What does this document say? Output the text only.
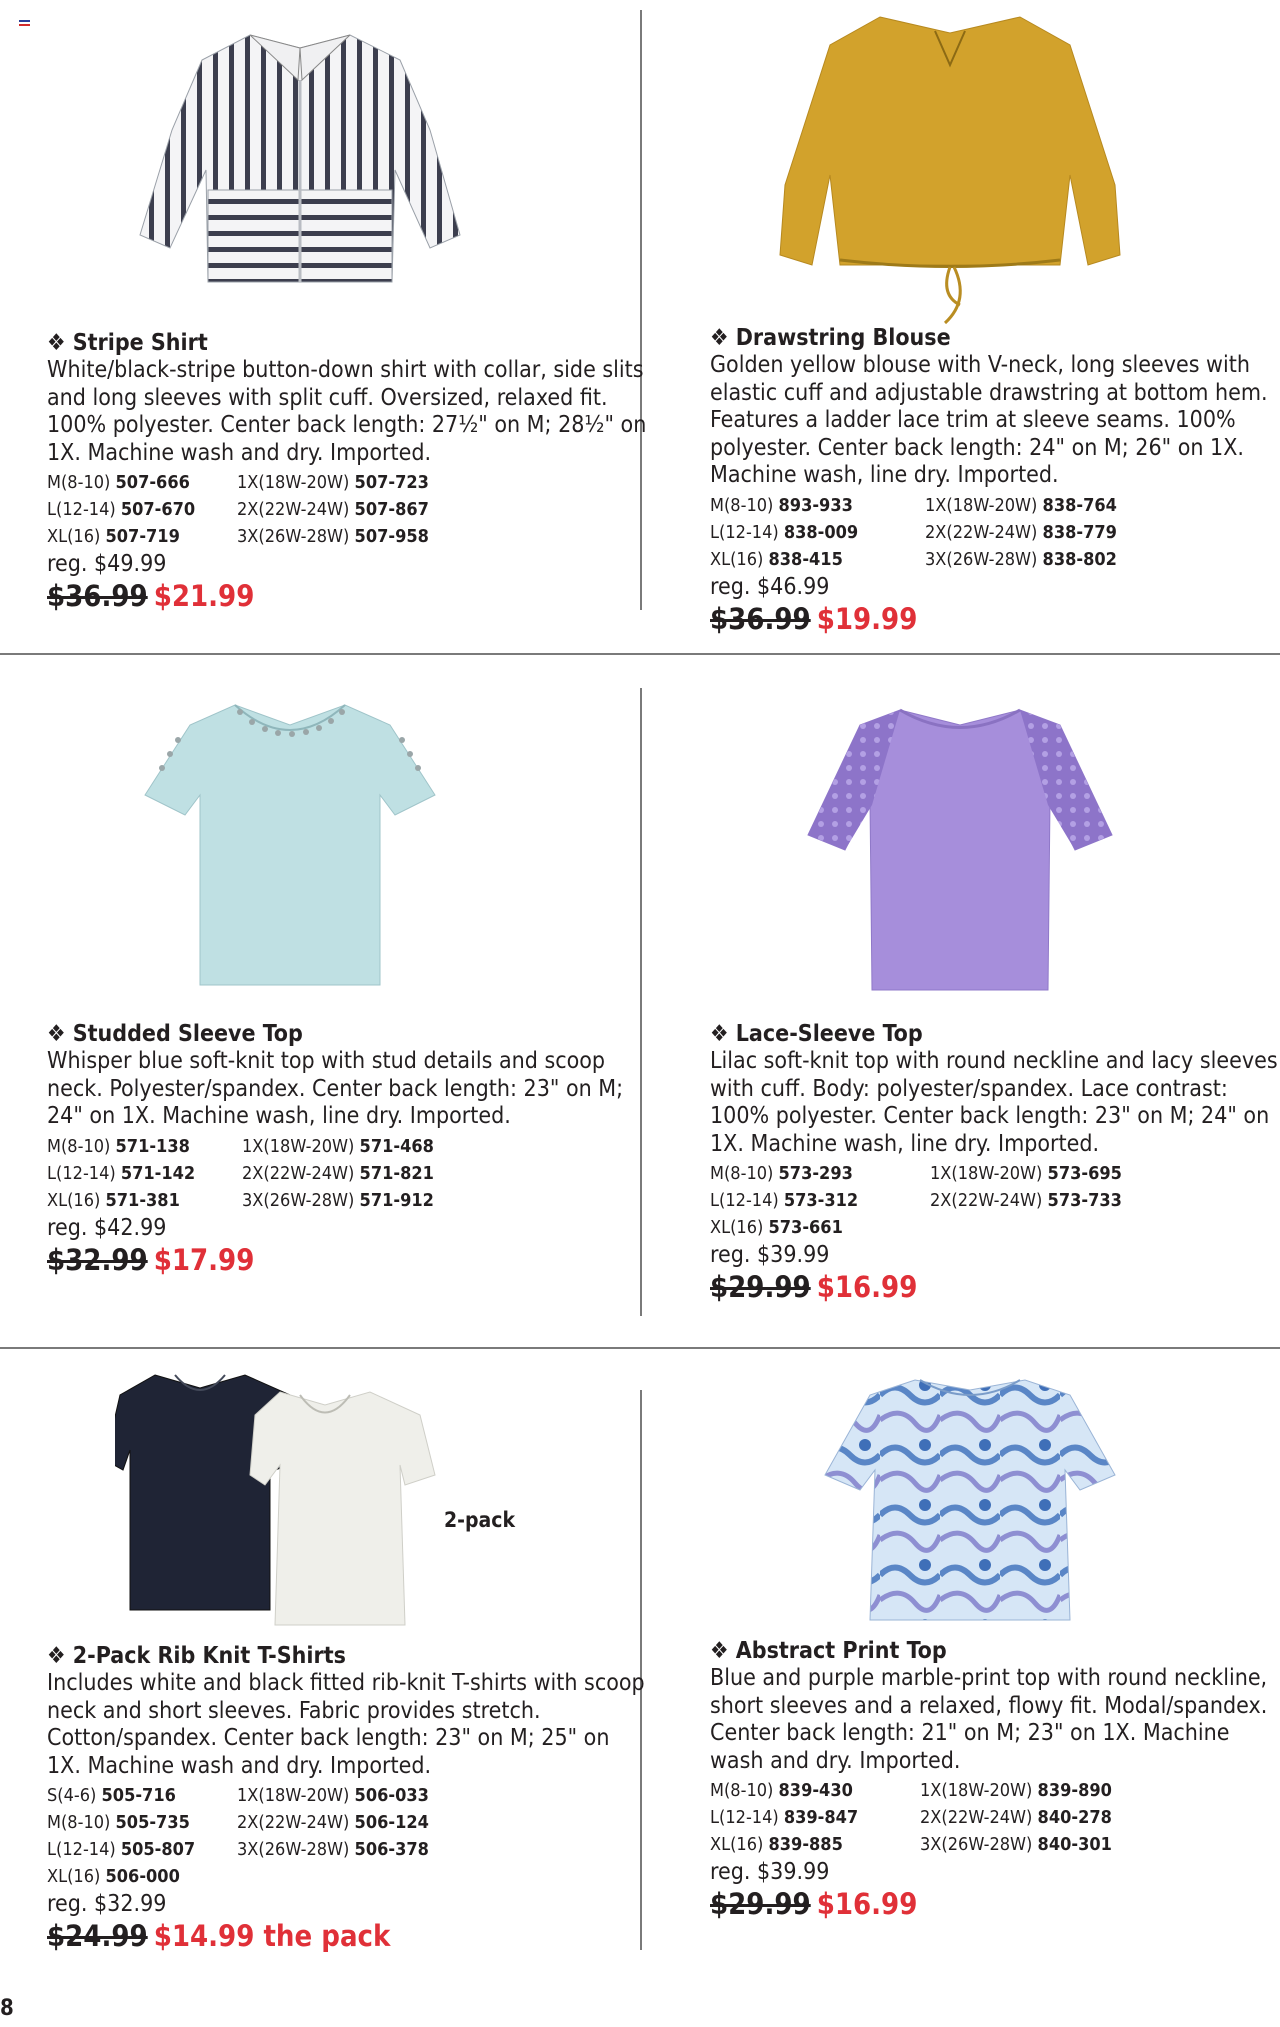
2-pack
❖ Stripe Shirt

White/black-stripe button-down shirt with collar, side slits and long sleeves with split cuff. Oversized, relaxed fit. 100% polyester. Center back length: 27½" on M; 28½" on 1X. Machine wash and dry. Imported.

M(8-10) 507-666	1X(18W-20W) 507-723
L(12-14) 507-670	2X(22W-24W) 507-867
XL(16) 507-719	3X(26W-28W) 507-958
reg. $49.99
$36.99 $21.99
❖ Drawstring Blouse

Golden yellow blouse with V-neck, long sleeves with elastic cuff and adjustable drawstring at bottom hem. Features a ladder lace trim at sleeve seams. 100% polyester. Center back length: 24" on M; 26" on 1X. Machine wash, line dry. Imported.

M(8-10) 893-933	1X(18W-20W) 838-764
L(12-14) 838-009	2X(22W-24W) 838-779
XL(16) 838-415	3X(26W-28W) 838-802
reg. $46.99
$36.99 $19.99
❖ Studded Sleeve Top

Whisper blue soft-knit top with stud details and scoop neck. Polyester/spandex. Center back length: 23" on M; 24" on 1X. Machine wash, line dry. Imported.

M(8-10) 571-138	1X(18W-20W) 571-468
L(12-14) 571-142	2X(22W-24W) 571-821
XL(16) 571-381	3X(26W-28W) 571-912
reg. $42.99
$32.99 $17.99
❖ Lace-Sleeve Top

Lilac soft-knit top with round neckline and lacy sleeves with cuff. Body: polyester/spandex. Lace contrast: 100% polyester. Center back length: 23" on M; 24" on 1X. Machine wash, line dry. Imported.

M(8-10) 573-293	1X(18W-20W) 573-695
L(12-14) 573-312	2X(22W-24W) 573-733
XL(16) 573-661
reg. $39.99
$29.99 $16.99
❖ 2-Pack Rib Knit T-Shirts

Includes white and black fitted rib-knit T-shirts with scoop neck and short sleeves. Fabric provides stretch. Cotton/spandex. Center back length: 23" on M; 25" on 1X. Machine wash and dry. Imported.

S(4-6) 505-716	1X(18W-20W) 506-033
M(8-10) 505-735	2X(22W-24W) 506-124
L(12-14) 505-807	3X(26W-28W) 506-378
XL(16) 506-000
reg. $32.99
$24.99 $14.99 the pack
❖ Abstract Print Top

Blue and purple marble-print top with round neckline, short sleeves and a relaxed, flowy fit. Modal/spandex. Center back length: 21" on M; 23" on 1X. Machine wash and dry. Imported.

M(8-10) 839-430	1X(18W-20W) 839-890
L(12-14) 839-847	2X(22W-24W) 840-278
XL(16) 839-885	3X(26W-28W) 840-301
reg. $39.99
$29.99 $16.99
8
